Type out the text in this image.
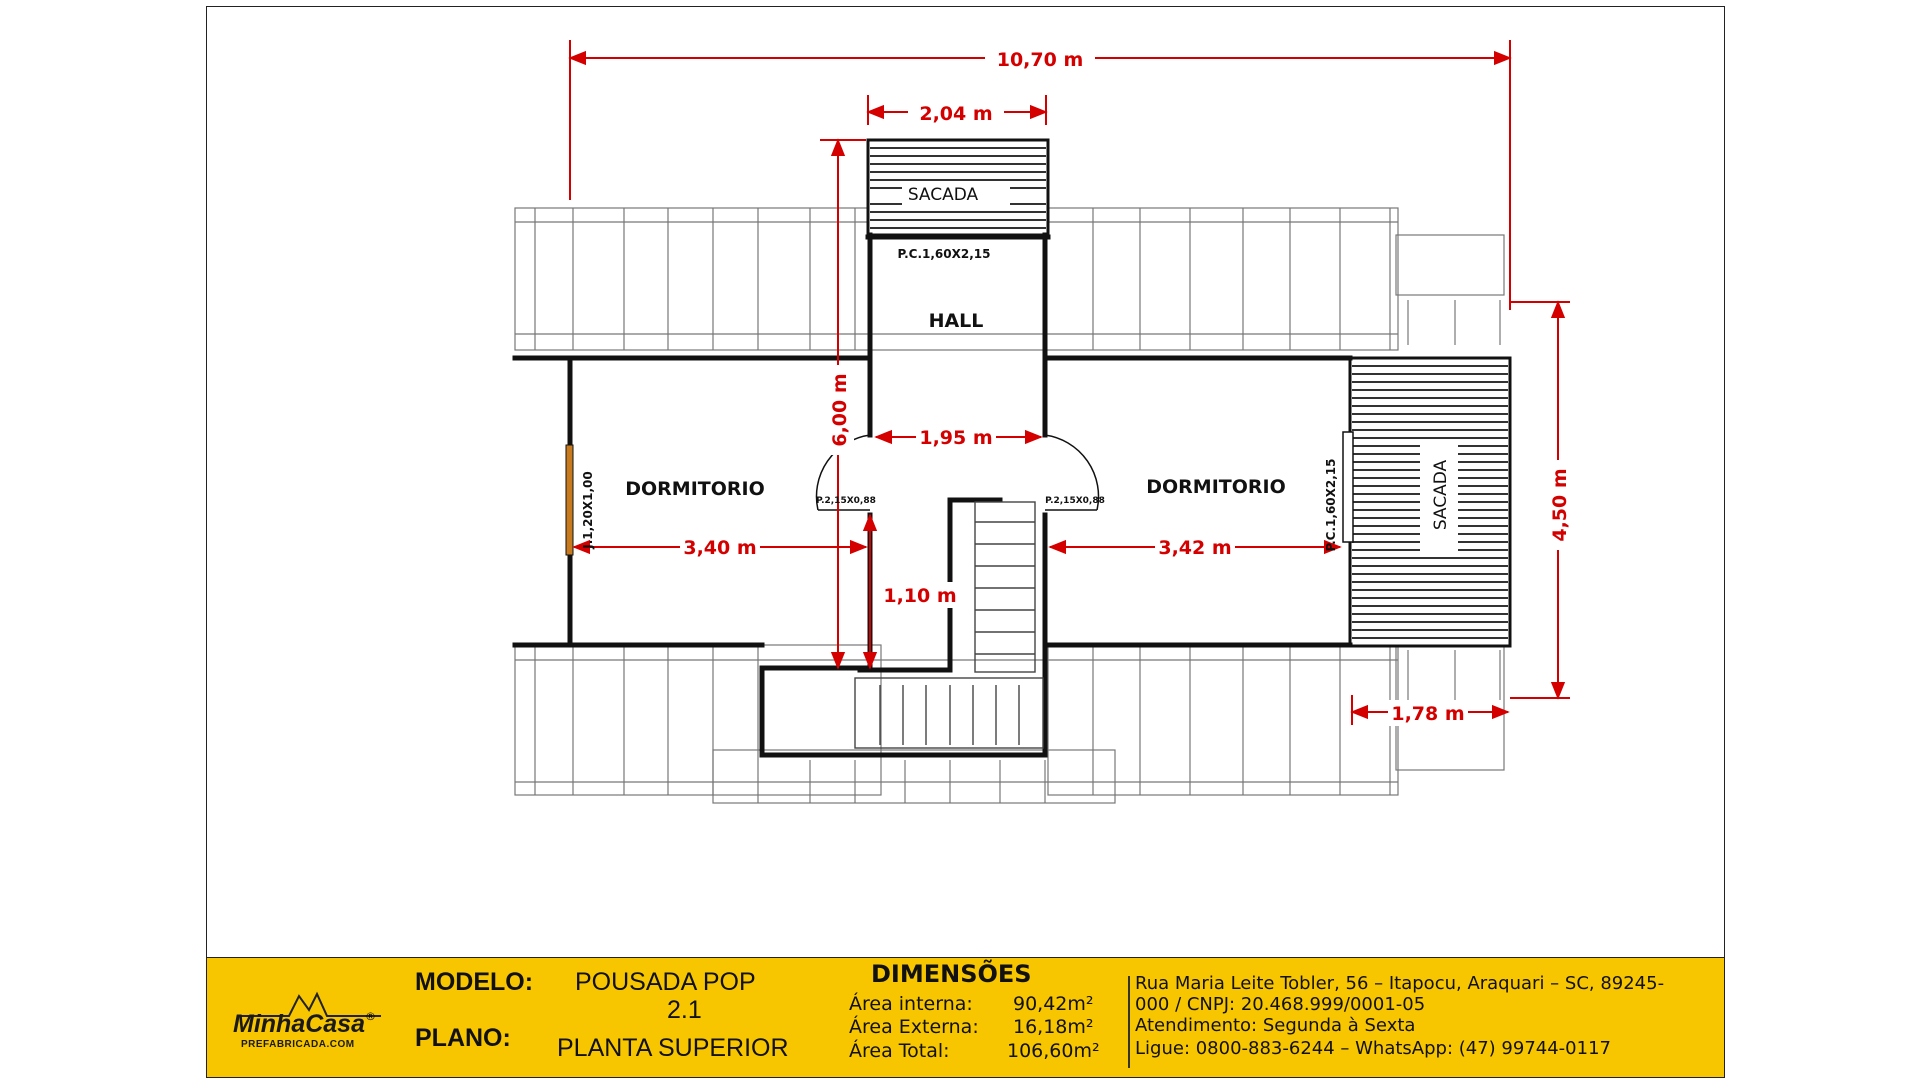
10,70 m
2,04 m
6,00 m	1,95 m
3,40 m	3,42 m
1,10 m
4,50 m
1,78 m
HALL
DORMITORIO	DORMITORIO
SACADA
SACADA
P.C.1,60X2,15
P.2,15X0,88	P.2,15X0,88	P.C.1,60X2,15
J.1,20X1,00
MinhaCasa®
PREFABRICADA.COM
MODELO: POUSADA POP
2.1
PLANO: PLANTA SUPERIOR
DIMENSÕES
Área interna: 90,42m²
Área Externa: 16,18m²
Área Total:	106,60m²
Rua Maria Leite Tobler, 56 – Itapocu, Araquari – SC, 89245-
000 / CNPJ: 20.468.999/0001-05
Atendimento: Segunda à Sexta
Ligue: 0800-883-6244 – WhatsApp: (47) 99744-0117
